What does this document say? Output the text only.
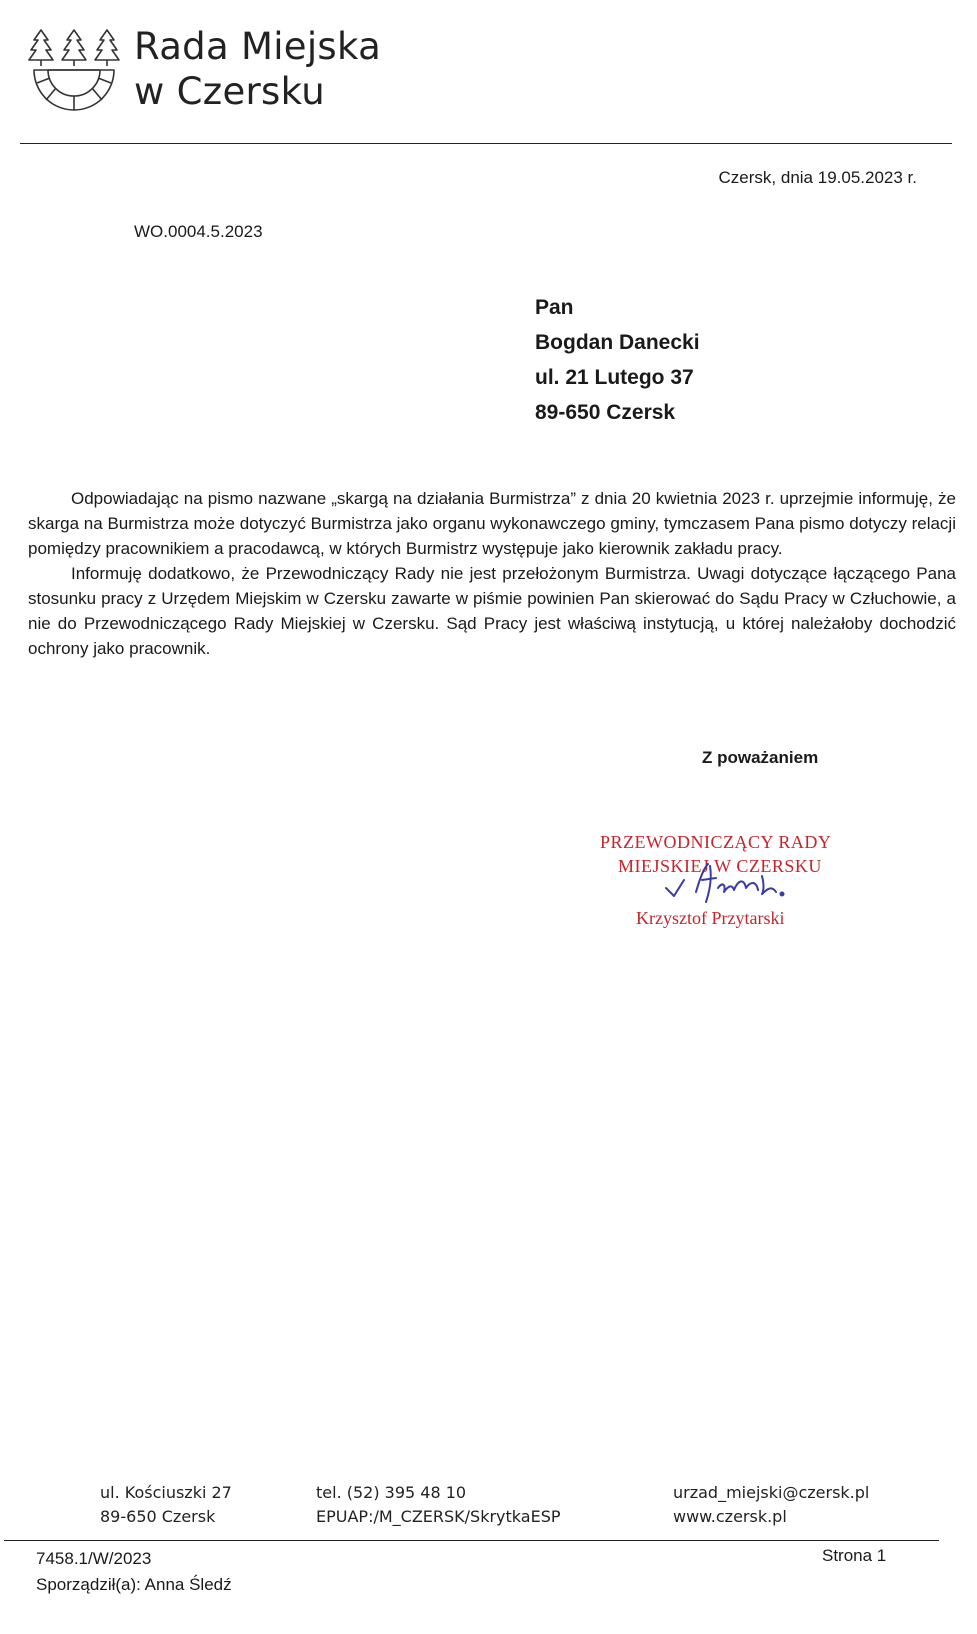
Rada Miejska
w Czersku
Czersk, dnia 19.05.2023 r.
WO.0004.5.2023
Pan
Bogdan Danecki
ul. 21 Lutego 37
89-650 Czersk

Odpowiadając na pismo nazwane „skargą na działania Burmistrza” z dnia 20 kwietnia 2023 r. uprzejmie informuję, że skarga na Burmistrza może dotyczyć Burmistrza jako organu wykonawczego gminy, tymczasem Pana pismo dotyczy relacji pomiędzy pracownikiem a pracodawcą, w których Burmistrz występuje jako kierownik zakładu pracy.

Informuję dodatkowo, że Przewodniczący Rady nie jest przełożonym Burmistrza. Uwagi dotyczące łączącego Pana stosunku pracy z Urzędem Miejskim w Czersku zawarte w piśmie powinien Pan skierować do Sądu Pracy w Człuchowie, a nie do Przewodniczącego Rady Miejskiej w Czersku. Sąd Pracy jest właściwą instytucją, u której należałoby dochodzić ochrony jako pracownik.

Z poważaniem
PRZEWODNICZĄCY RADY
MIEJSKIEJ W CZERSKU
Krzysztof Przytarski
ul. Kościuszki 27
89-650 Czersk
tel. (52) 395 48 10
EPUAP:/M_CZERSK/SkrytkaESP
urzad_miejski@czersk.pl
www.czersk.pl
7458.1/W/2023
Sporządził(a): Anna Śledź
Strona 1
